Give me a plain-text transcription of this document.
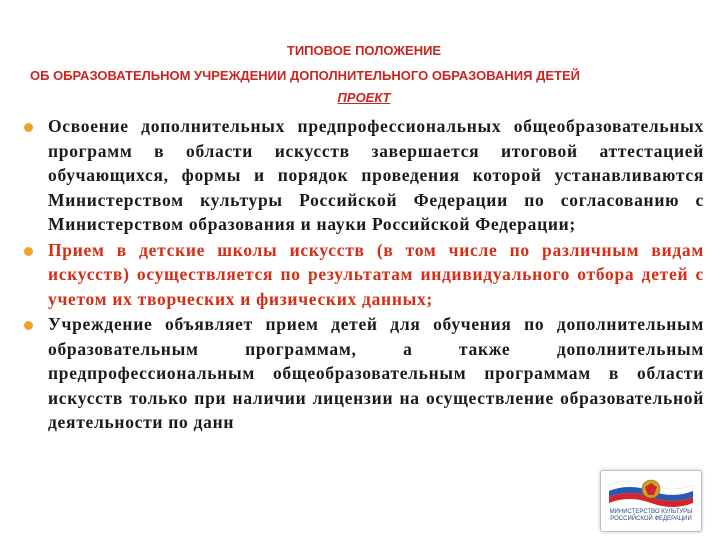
ТИПОВОЕ ПОЛОЖЕНИЕ
ОБ ОБРАЗОВАТЕЛЬНОМ УЧРЕЖДЕНИИ ДОПОЛНИТЕЛЬНОГО ОБРАЗОВАНИЯ ДЕТЕЙ
ПРОЕКТ
Освоение дополнительных предпрофессиональных общеобразовательных программ в области искусств завершается итоговой аттестацией обучающихся, формы и порядок проведения которой устанавливаются Министерством культуры Российской Федерации по согласованию с Министерством образования и науки Российской Федерации;
Прием в детские школы искусств (в том числе по различным видам искусств) осуществляется по результатам индивидуального отбора детей с учетом их творческих и физических данных;
Учреждение объявляет прием детей для обучения по дополнительным образовательным программам, а также дополнительным предпрофессиональным общеобразовательным программам в области искусств только при наличии лицензии на осуществление образовательной деятельности по данн
МИНИСТЕРСТВО КУЛЬТУРЫ
РОССИЙСКОЙ ФЕДЕРАЦИИ
